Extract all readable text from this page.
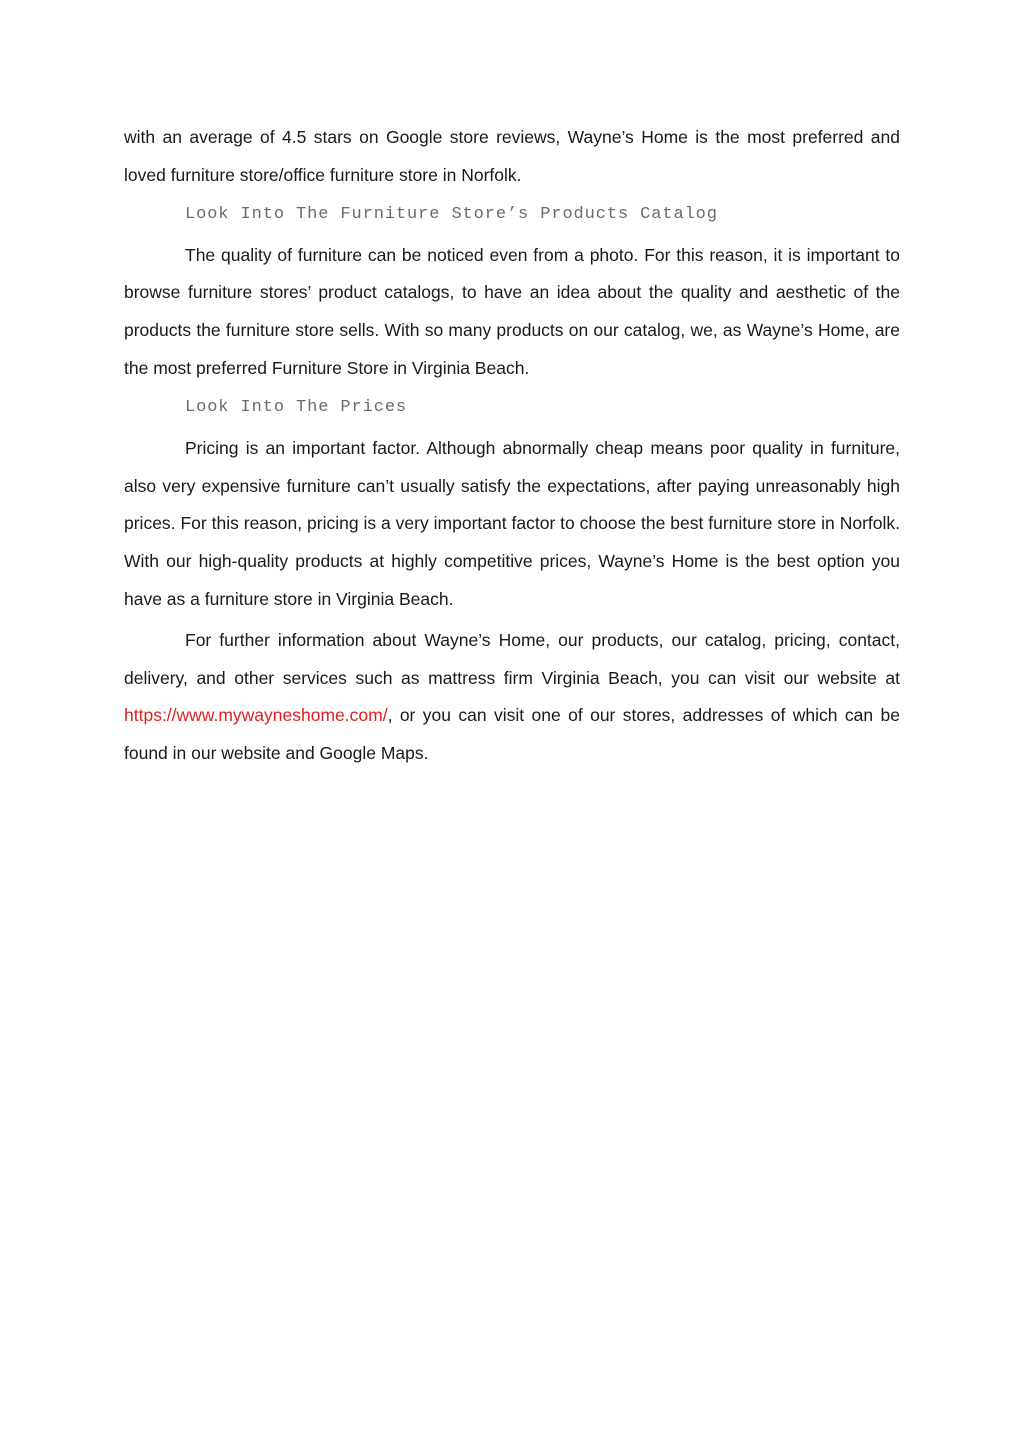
with an average of 4.5 stars on Google store reviews, Wayne’s Home is the most preferred and loved furniture store/office furniture store in Norfolk.

Look Into The Furniture Store’s Products Catalog

The quality of furniture can be noticed even from a photo. For this reason, it is important to browse furniture stores’ product catalogs, to have an idea about the quality and aesthetic of the products the furniture store sells. With so many products on our catalog, we, as Wayne’s Home, are the most preferred Furniture Store in Virginia Beach.

Look Into The Prices

Pricing is an important factor. Although abnormally cheap means poor quality in furniture, also very expensive furniture can’t usually satisfy the expectations, after paying unreasonably high prices. For this reason, pricing is a very important factor to choose the best furniture store in Norfolk. With our high-quality products at highly competitive prices, Wayne’s Home is the best option you have as a furniture store in Virginia Beach.

For further information about Wayne’s Home, our products, our catalog, pricing, contact, delivery, and other services such as mattress firm Virginia Beach, you can visit our website at https://www.mywayneshome.com/, or you can visit one of our stores, addresses of which can be found in our website and Google Maps.
